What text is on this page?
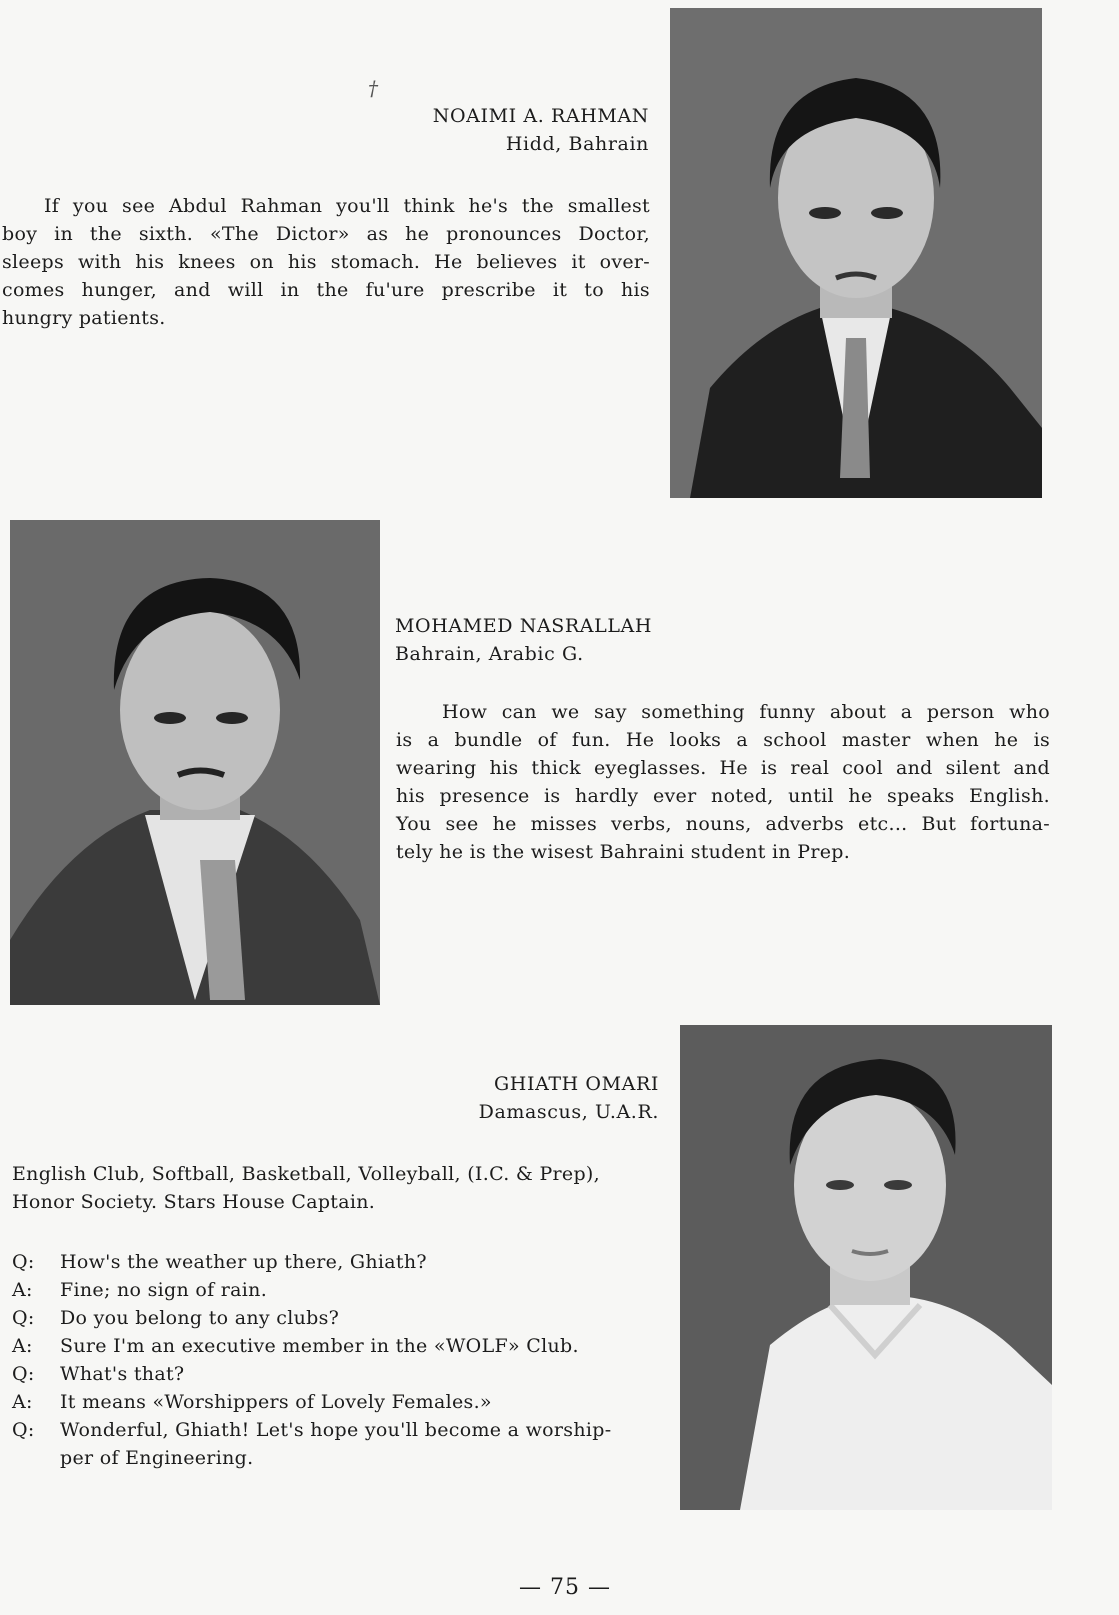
†
NOAIMI A. RAHMAN
Hidd, Bahrain
If you see Abdul Rahman you'll think he's the smallest
boy in the sixth. «The Dictor» as he pronounces Doctor,
sleeps with his knees on his stomach. He believes it over-
comes hunger, and will in the fu'ure prescribe it to his
hungry patients.
MOHAMED NASRALLAH
Bahrain, Arabic G.
How can we say something funny about a person who
is a bundle of fun. He looks a school master when he is
wearing his thick eyeglasses. He is real cool and silent and
his presence is hardly ever noted, until he speaks English.
You see he misses verbs, nouns, adverbs etc... But fortuna-
tely he is the wisest Bahraini student in Prep.
GHIATH OMARI
Damascus, U.A.R.
English Club, Softball, Basketball, Volleyball, (I.C. & Prep),
Honor Society. Stars House Captain.
Q: How's the weather up there, Ghiath?
A: Fine; no sign of rain.
Q: Do you belong to any clubs?
A: Sure I'm an executive member in the «WOLF» Club.
Q: What's that?
A: It means «Worshippers of Lovely Females.»
Q: Wonderful, Ghiath! Let's hope you'll become a worship-
per of Engineering.
— 75 —
